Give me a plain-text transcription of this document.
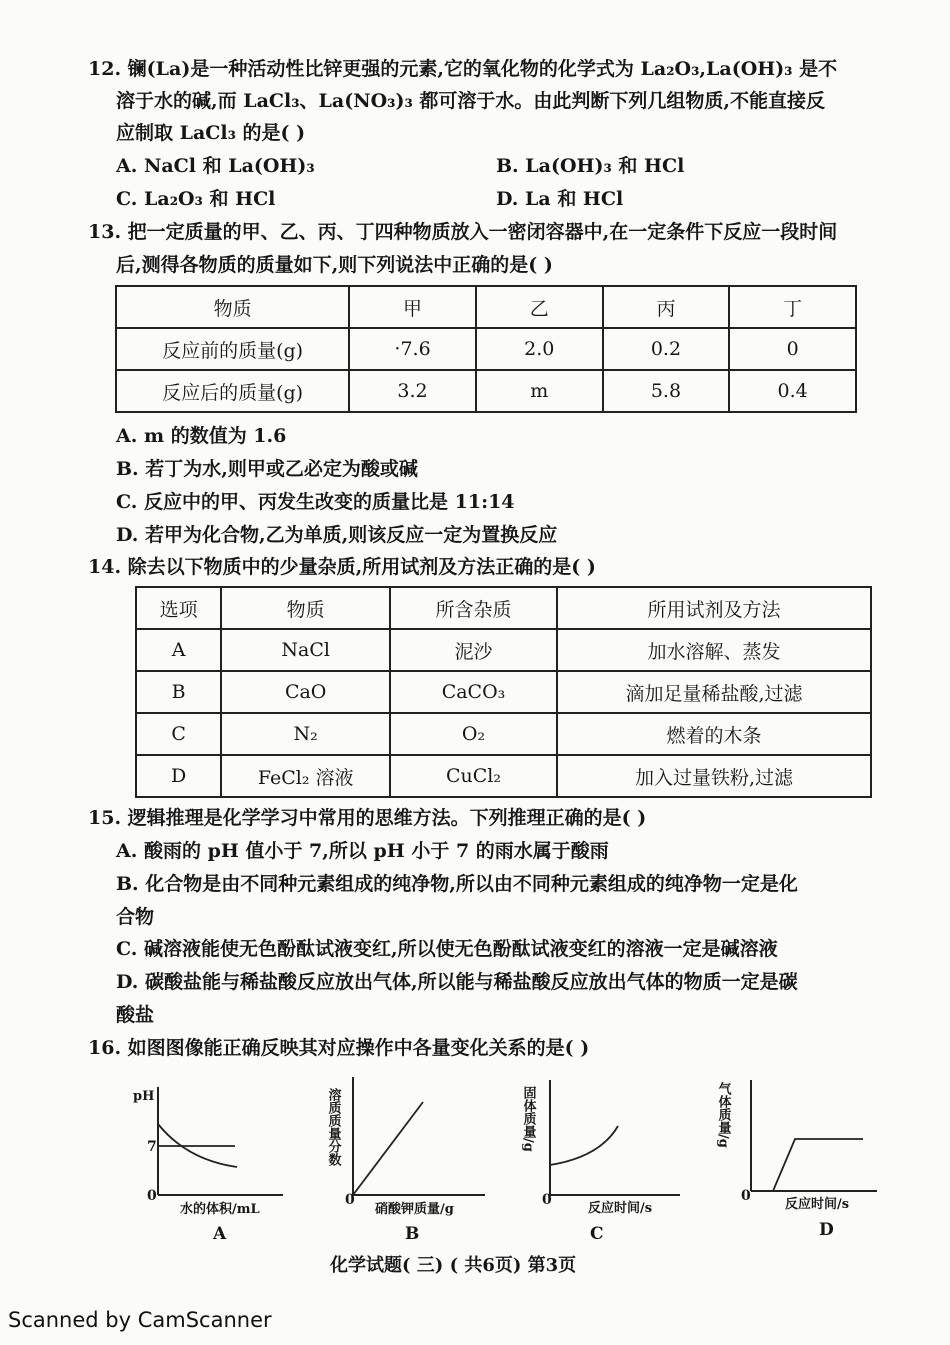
12. 镧(La)是一种活动性比锌更强的元素,它的氧化物的化学式为 La₂O₃,La(OH)₃ 是不
溶于水的碱,而 LaCl₃、La(NO₃)₃ 都可溶于水。由此判断下列几组物质,不能直接反
应制取 LaCl₃ 的是( )
A. NaCl 和 La(OH)₃	B. La(OH)₃ 和 HCl
C. La₂O₃ 和 HCl	D. La 和 HCl
13. 把一定质量的甲、乙、丙、丁四种物质放入一密闭容器中,在一定条件下反应一段时间
后,测得各物质的质量如下,则下列说法中正确的是( )
物质	甲	乙	丙	丁
反应前的质量(g)	·7.6	2.0	0.2	0
反应后的质量(g)	3.2	m	5.8	0.4
A. m 的数值为 1.6
B. 若丁为水,则甲或乙必定为酸或碱
C. 反应中的甲、丙发生改变的质量比是 11:14
D. 若甲为化合物,乙为单质,则该反应一定为置换反应
14. 除去以下物质中的少量杂质,所用试剂及方法正确的是( )
选项	物质	所含杂质	所用试剂及方法
A	NaCl	泥沙	加水溶解、蒸发
B	CaO	CaCO₃	滴加足量稀盐酸,过滤
C	N₂	O₂	燃着的木条
D	FeCl₂ 溶液	CuCl₂	加入过量铁粉,过滤
15. 逻辑推理是化学学习中常用的思维方法。下列推理正确的是( )
A. 酸雨的 pH 值小于 7,所以 pH 小于 7 的雨水属于酸雨
B. 化合物是由不同种元素组成的纯净物,所以由不同种元素组成的纯净物一定是化
合物
C. 碱溶液能使无色酚酞试液变红,所以使无色酚酞试液变红的溶液一定是碱溶液
D. 碳酸盐能与稀盐酸反应放出气体,所以能与稀盐酸反应放出气体的物质一定是碳
酸盐
16. 如图图像能正确反映其对应操作中各量变化关系的是( )
pH
7
0
水的体积/mL
A
溶质质量分数
0
硝酸钾质量/g
B
固体质量/g
0
反应时间/s
C
气体质量/g
0
反应时间/s
D
化学试题( 三) ( 共6页) 第3页
Scanned by CamScanner
